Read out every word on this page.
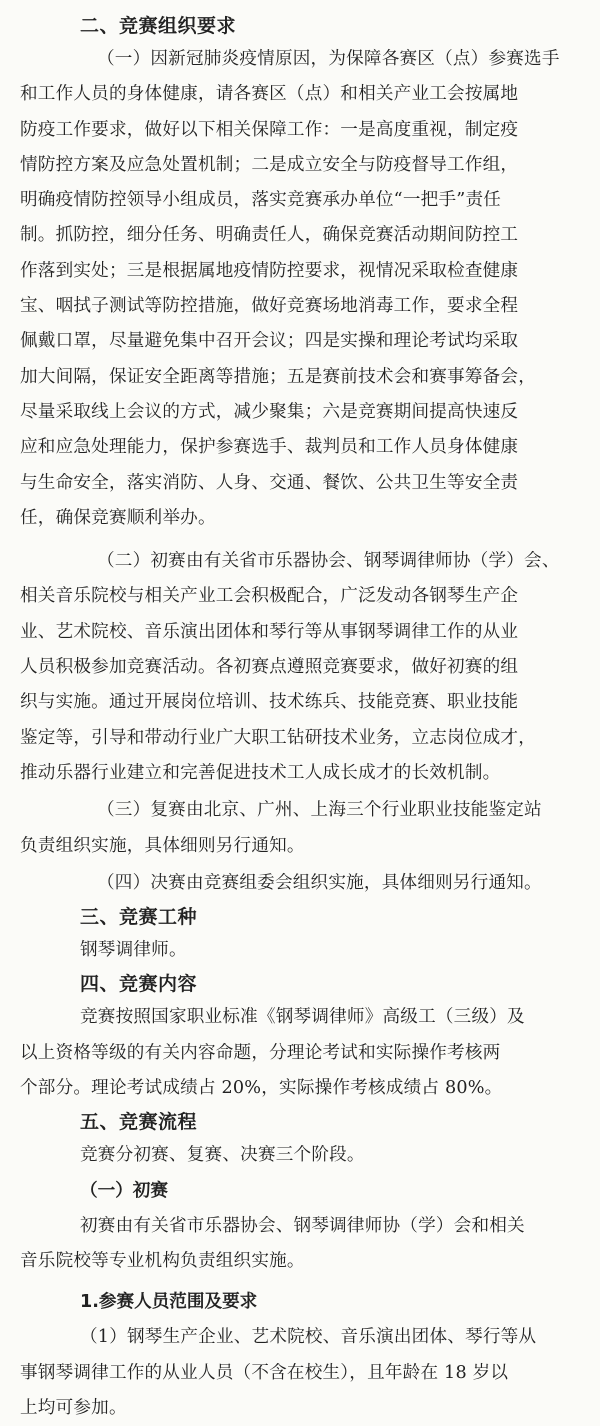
二、竞赛组织要求
（一）因新冠肺炎疫情原因，为保障各赛区（点）参赛选手
和工作人员的身体健康，请各赛区（点）和相关产业工会按属地
防疫工作要求，做好以下相关保障工作：一是高度重视，制定疫
情防控方案及应急处置机制；二是成立安全与防疫督导工作组，
明确疫情防控领导小组成员，落实竞赛承办单位“一把手”责任
制。抓防控，细分任务、明确责任人，确保竞赛活动期间防控工
作落到实处；三是根据属地疫情防控要求，视情况采取检查健康
宝、咽拭子测试等防控措施，做好竞赛场地消毒工作，要求全程
佩戴口罩，尽量避免集中召开会议；四是实操和理论考试均采取
加大间隔，保证安全距离等措施；五是赛前技术会和赛事筹备会，
尽量采取线上会议的方式，减少聚集；六是竞赛期间提高快速反
应和应急处理能力，保护参赛选手、裁判员和工作人员身体健康
与生命安全，落实消防、人身、交通、餐饮、公共卫生等安全责
任，确保竞赛顺利举办。
（二）初赛由有关省市乐器协会、钢琴调律师协（学）会、
相关音乐院校与相关产业工会积极配合，广泛发动各钢琴生产企
业、艺术院校、音乐演出团体和琴行等从事钢琴调律工作的从业
人员积极参加竞赛活动。各初赛点遵照竞赛要求，做好初赛的组
织与实施。通过开展岗位培训、技术练兵、技能竞赛、职业技能
鉴定等，引导和带动行业广大职工钻研技术业务，立志岗位成才，
推动乐器行业建立和完善促进技术工人成长成才的长效机制。
（三）复赛由北京、广州、上海三个行业职业技能鉴定站
负责组织实施，具体细则另行通知。
（四）决赛由竞赛组委会组织实施，具体细则另行通知。
三、竞赛工种
钢琴调律师。
四、竞赛内容
竞赛按照国家职业标准《钢琴调律师》高级工（三级）及
以上资格等级的有关内容命题，分理论考试和实际操作考核两
个部分。理论考试成绩占 20%，实际操作考核成绩占 80%。
五、竞赛流程
竞赛分初赛、复赛、决赛三个阶段。
（一）初赛
初赛由有关省市乐器协会、钢琴调律师协（学）会和相关
音乐院校等专业机构负责组织实施。
1.参赛人员范围及要求
（1）钢琴生产企业、艺术院校、音乐演出团体、琴行等从
事钢琴调律工作的从业人员（不含在校生），且年龄在 18 岁以
上均可参加。
